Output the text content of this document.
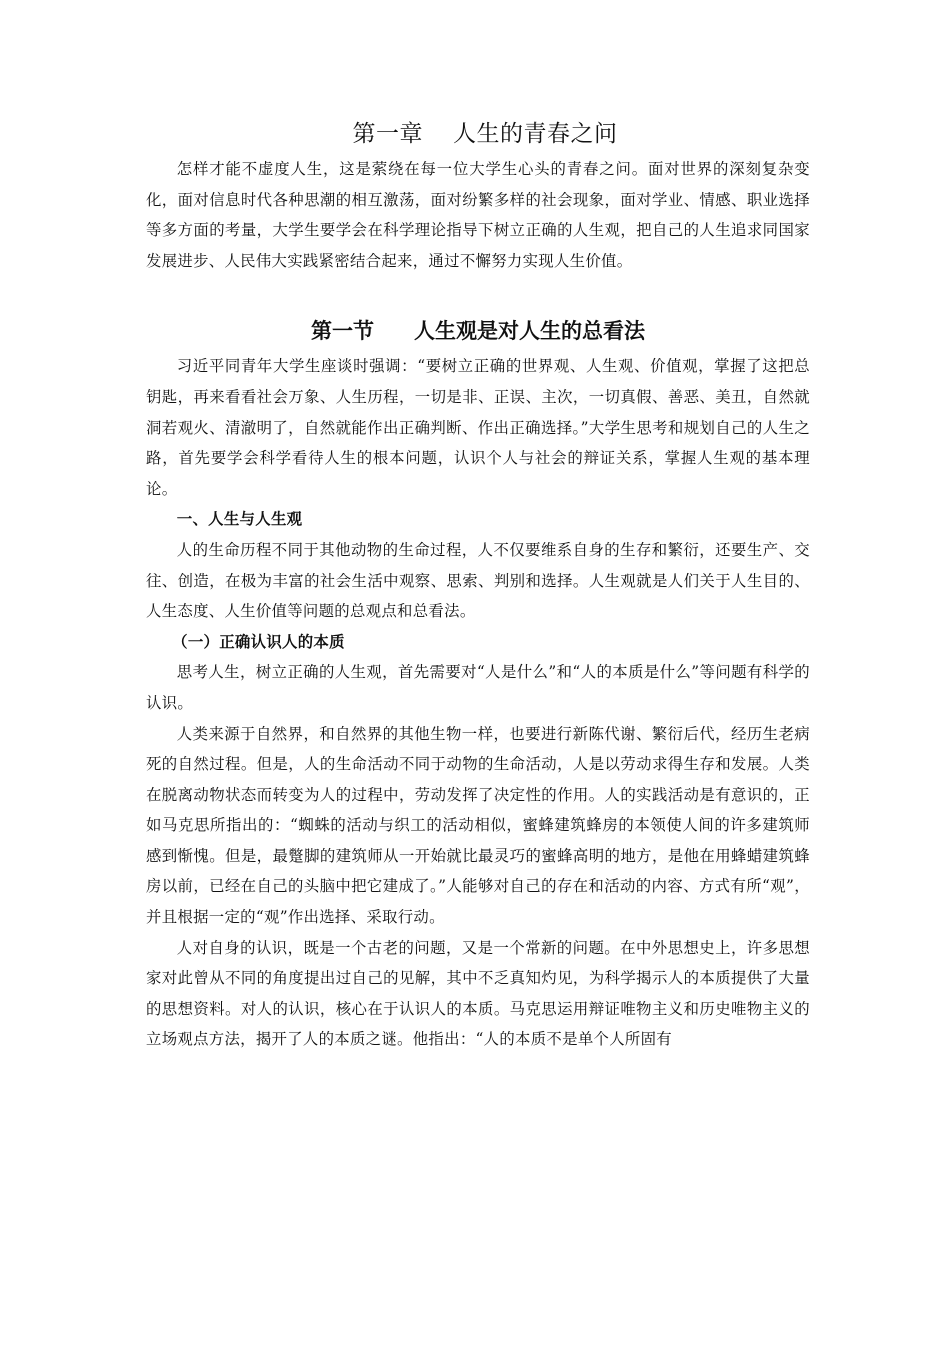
第一章 人生的青春之问

怎样才能不虚度人生，这是萦绕在每一位大学生心头的青春之问。面对世界的深刻复杂变化，面对信息时代各种思潮的相互激荡，面对纷繁多样的社会现象，面对学业、情感、职业选择等多方面的考量，大学生要学会在科学理论指导下树立正确的人生观，把自己的人生追求同国家发展进步、人民伟大实践紧密结合起来，通过不懈努力实现人生价值。

第一节 人生观是对人生的总看法

习近平同青年大学生座谈时强调：“要树立正确的世界观、人生观、价值观，掌握了这把总钥匙，再来看看社会万象、人生历程，一切是非、正误、主次，一切真假、善恶、美丑，自然就洞若观火、清澈明了，自然就能作出正确判断、作出正确选择。”大学生思考和规划自己的人生之路，首先要学会科学看待人生的根本问题，认识个人与社会的辩证关系，掌握人生观的基本理论。

一、人生与人生观

人的生命历程不同于其他动物的生命过程，人不仅要维系自身的生存和繁衍，还要生产、交往、创造，在极为丰富的社会生活中观察、思索、判别和选择。人生观就是人们关于人生目的、人生态度、人生价值等问题的总观点和总看法。

（一）正确认识人的本质

思考人生，树立正确的人生观，首先需要对“人是什么”和“人的本质是什么”等问题有科学的认识。

人类来源于自然界，和自然界的其他生物一样，也要进行新陈代谢、繁衍后代，经历生老病死的自然过程。但是，人的生命活动不同于动物的生命活动，人是以劳动求得生存和发展。人类在脱离动物状态而转变为人的过程中，劳动发挥了决定性的作用。人的实践活动是有意识的，正如马克思所指出的：“蜘蛛的活动与织工的活动相似，蜜蜂建筑蜂房的本领使人间的许多建筑师感到惭愧。但是，最蹩脚的建筑师从一开始就比最灵巧的蜜蜂高明的地方，是他在用蜂蜡建筑蜂房以前，已经在自己的头脑中把它建成了。”人能够对自己的存在和活动的内容、方式有所“观”，并且根据一定的“观”作出选择、采取行动。

人对自身的认识，既是一个古老的问题，又是一个常新的问题。在中外思想史上，许多思想家对此曾从不同的角度提出过自己的见解，其中不乏真知灼见，为科学揭示人的本质提供了大量的思想资料。对人的认识，核心在于认识人的本质。马克思运用辩证唯物主义和历史唯物主义的立场观点方法，揭开了人的本质之谜。他指出：“人的本质不是单个人所固有
